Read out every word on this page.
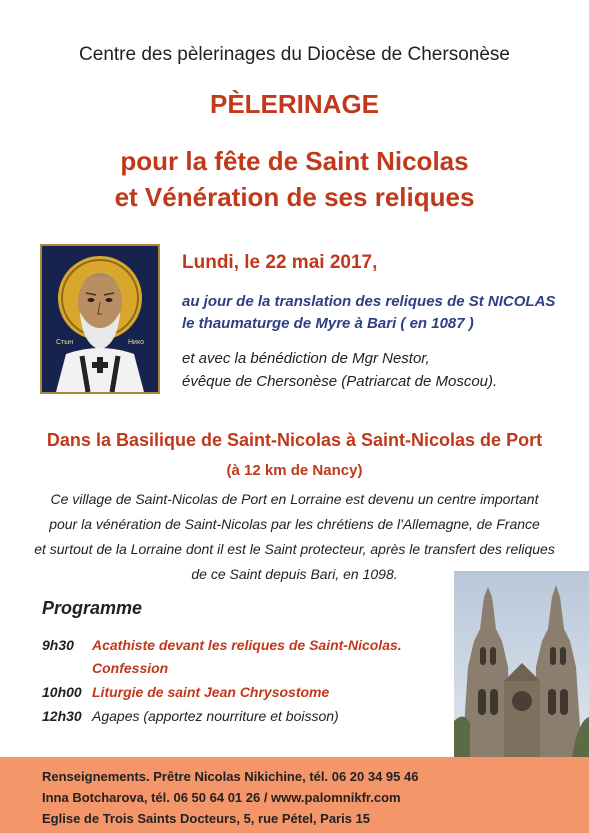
Centre des pèlerinages du Diocèse de Chersonèse
PÈLERINAGE
pour la fête de Saint Nicolas
et Vénération de ses reliques
Стын	Нико
Lundi, le 22 mai 2017,
au jour de la translation des reliques de St NICOLAS
le thaumaturge de Myre à Bari ( en 1087 )
et avec la bénédiction de Mgr Nestor,
évêque de Chersonèse (Patriarcat de Moscou).
Dans la Basilique de Saint-Nicolas à Saint-Nicolas de Port
(à 12 km de Nancy)
Ce village de Saint-Nicolas de Port en Lorraine est devenu un centre important
pour la vénération de Saint-Nicolas par les chrétiens de l'Allemagne, de France
et surtout de la Lorraine dont il est le Saint protecteur, après le transfert des reliques
de ce Saint depuis Bari, en 1098.
Programme
9h30 Acathiste devant les reliques de Saint-Nicolas.
Confession
10h00 Liturgie de saint Jean Chrysostome
12h30 Agapes (apportez nourriture et boisson)
Renseignements. Prêtre Nicolas Nikichine, tél. 06 20 34 95 46
Inna Botcharova, tél. 06 50 64 01 26 / www.palomnikfr.com
Eglise de Trois Saints Docteurs, 5, rue Pétel, Paris 15
